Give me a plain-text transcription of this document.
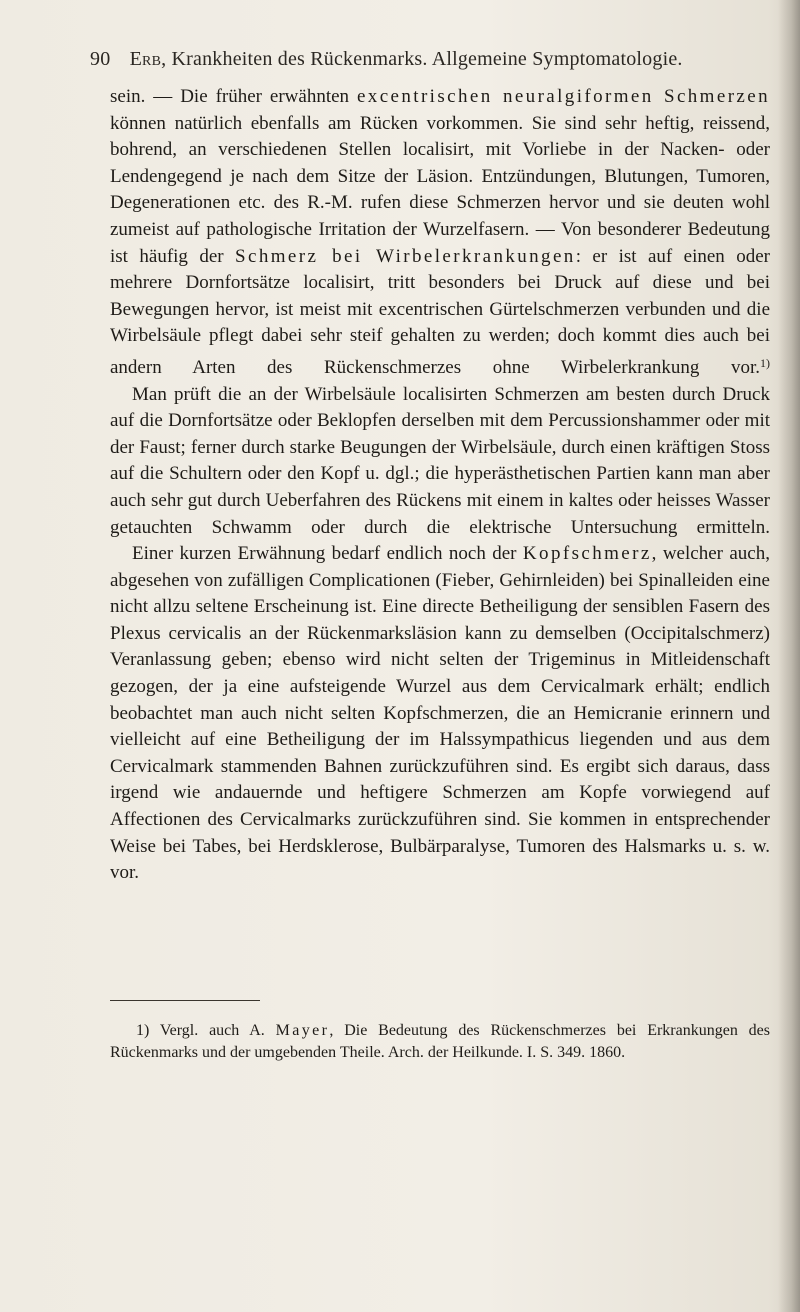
90 Erb, Krankheiten des Rückenmarks. Allgemeine Symptomatologie.

sein. — Die früher erwähnten excentrischen neuralgiformen Schmerzen können natürlich ebenfalls am Rücken vorkommen. Sie sind sehr heftig, reissend, bohrend, an verschiedenen Stellen localisirt, mit Vorliebe in der Nacken- oder Lendengegend je nach dem Sitze der Läsion. Entzündungen, Blutungen, Tumoren, Degenerationen etc. des R.-M. rufen diese Schmerzen hervor und sie deuten wohl zumeist auf pathologische Irritation der Wurzelfasern. — Von besonderer Bedeutung ist häufig der Schmerz bei Wirbelerkrankungen: er ist auf einen oder mehrere Dornfortsätze localisirt, tritt besonders bei Druck auf diese und bei Bewegungen hervor, ist meist mit excentrischen Gürtelschmerzen verbunden und die Wirbelsäule pflegt dabei sehr steif gehalten zu werden; doch kommt dies auch bei andern Arten des Rückenschmerzes ohne Wirbelerkrankung vor.$^{1)}$

Man prüft die an der Wirbelsäule localisirten Schmerzen am besten durch Druck auf die Dornfortsätze oder Beklopfen derselben mit dem Percussionshammer oder mit der Faust; ferner durch starke Beugungen der Wirbelsäule, durch einen kräftigen Stoss auf die Schultern oder den Kopf u. dgl.; die hyperästhetischen Partien kann man aber auch sehr gut durch Ueberfahren des Rückens mit einem in kaltes oder heisses Wasser getauchten Schwamm oder durch die elektrische Untersuchung ermitteln.

Einer kurzen Erwähnung bedarf endlich noch der Kopfschmerz, welcher auch, abgesehen von zufälligen Complicationen (Fieber, Gehirnleiden) bei Spinalleiden eine nicht allzu seltene Erscheinung ist. Eine directe Betheiligung der sensiblen Fasern des Plexus cervicalis an der Rückenmarksläsion kann zu demselben (Occipitalschmerz) Veranlassung geben; ebenso wird nicht selten der Trigeminus in Mitleidenschaft gezogen, der ja eine aufsteigende Wurzel aus dem Cervicalmark erhält; endlich beobachtet man auch nicht selten Kopfschmerzen, die an Hemicranie erinnern und vielleicht auf eine Betheiligung der im Halssympathicus liegenden und aus dem Cervicalmark stammenden Bahnen zurückzuführen sind. Es ergibt sich daraus, dass irgend wie andauernde und heftigere Schmerzen am Kopfe vorwiegend auf Affectionen des Cervicalmarks zurückzuführen sind. Sie kommen in entsprechender Weise bei Tabes, bei Herdsklerose, Bulbärparalyse, Tumoren des Halsmarks u. s. w. vor.

1) Vergl. auch A. Mayer, Die Bedeutung des Rückenschmerzes bei Erkrankungen des Rückenmarks und der umgebenden Theile. Arch. der Heilkunde. I. S. 349. 1860.
